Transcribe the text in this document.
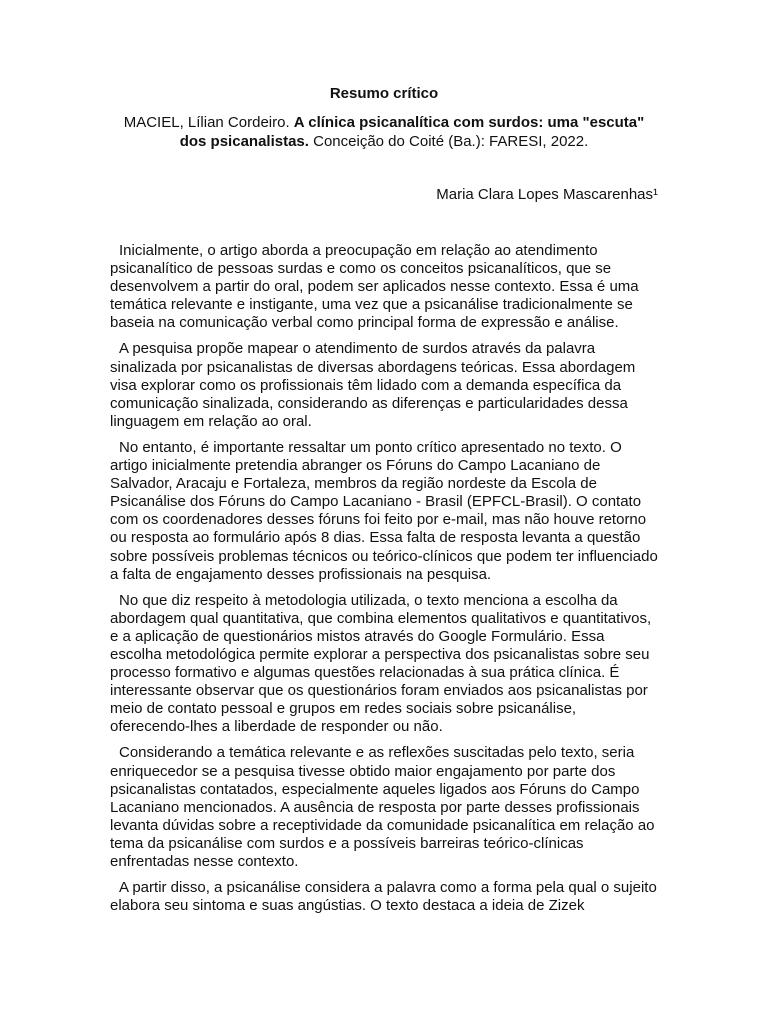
Resumo crítico
MACIEL, Lílian Cordeiro. A clínica psicanalítica com surdos: uma "escuta" dos psicanalistas. Conceição do Coité (Ba.): FARESI, 2022.
Maria Clara Lopes Mascarenhas¹

Inicialmente, o artigo aborda a preocupação em relação ao atendimento psicanalítico de pessoas surdas e como os conceitos psicanalíticos, que se desenvolvem a partir do oral, podem ser aplicados nesse contexto. Essa é uma temática relevante e instigante, uma vez que a psicanálise tradicionalmente se baseia na comunicação verbal como principal forma de expressão e análise.

A pesquisa propõe mapear o atendimento de surdos através da palavra sinalizada por psicanalistas de diversas abordagens teóricas. Essa abordagem visa explorar como os profissionais têm lidado com a demanda específica da comunicação sinalizada, considerando as diferenças e particularidades dessa linguagem em relação ao oral.

No entanto, é importante ressaltar um ponto crítico apresentado no texto. O artigo inicialmente pretendia abranger os Fóruns do Campo Lacaniano de Salvador, Aracaju e Fortaleza, membros da região nordeste da Escola de Psicanálise dos Fóruns do Campo Lacaniano - Brasil (EPFCL-Brasil). O contato com os coordenadores desses fóruns foi feito por e-mail, mas não houve retorno ou resposta ao formulário após 8 dias. Essa falta de resposta levanta a questão sobre possíveis problemas técnicos ou teórico-clínicos que podem ter influenciado a falta de engajamento desses profissionais na pesquisa.

No que diz respeito à metodologia utilizada, o texto menciona a escolha da abordagem qual quantitativa, que combina elementos qualitativos e quantitativos, e a aplicação de questionários mistos através do Google Formulário. Essa escolha metodológica permite explorar a perspectiva dos psicanalistas sobre seu processo formativo e algumas questões relacionadas à sua prática clínica. É interessante observar que os questionários foram enviados aos psicanalistas por meio de contato pessoal e grupos em redes sociais sobre psicanálise, oferecendo-lhes a liberdade de responder ou não.

Considerando a temática relevante e as reflexões suscitadas pelo texto, seria enriquecedor se a pesquisa tivesse obtido maior engajamento por parte dos psicanalistas contatados, especialmente aqueles ligados aos Fóruns do Campo Lacaniano mencionados. A ausência de resposta por parte desses profissionais levanta dúvidas sobre a receptividade da comunidade psicanalítica em relação ao tema da psicanálise com surdos e a possíveis barreiras teórico-clínicas enfrentadas nesse contexto.

A partir disso, a psicanálise considera a palavra como a forma pela qual o sujeito elabora seu sintoma e suas angústias. O texto destaca a ideia de Zizek
